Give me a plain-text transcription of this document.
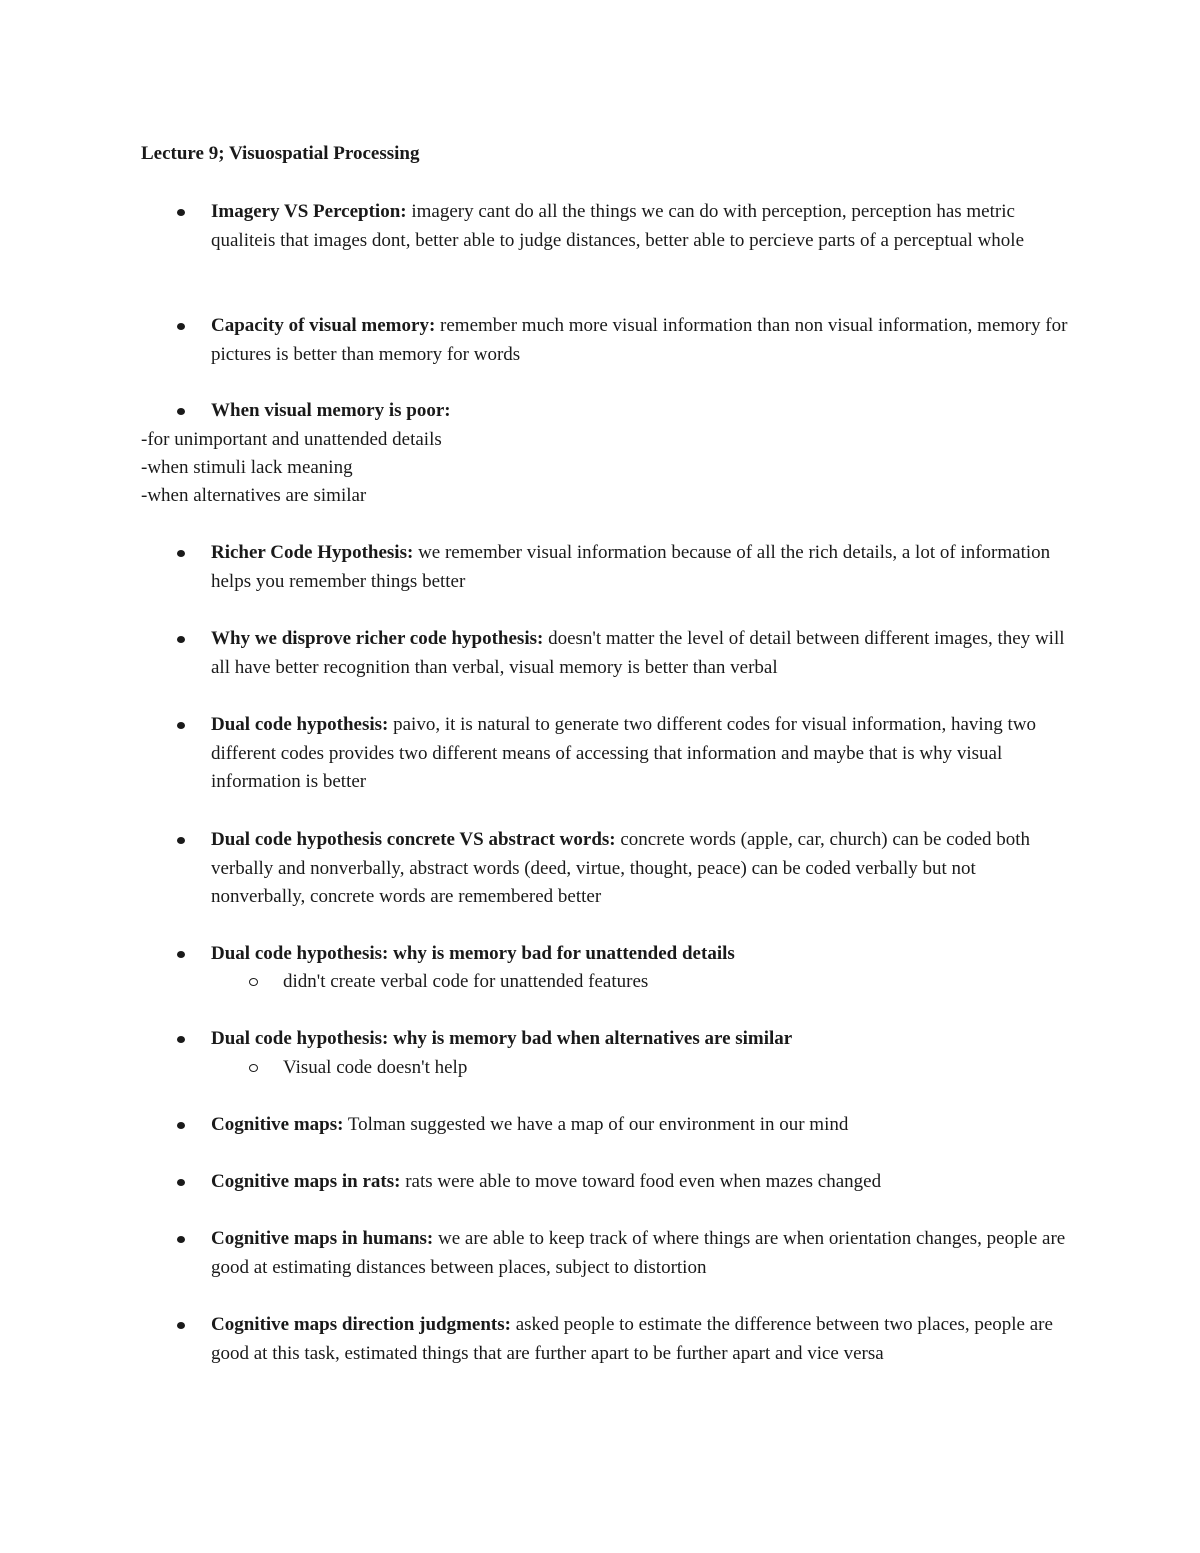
Lecture 9; Visuospatial Processing
Imagery VS Perception: imagery cant do all the things we can do with perception, perception has metric qualiteis that images dont, better able to judge distances, better able to percieve parts of a perceptual whole
Capacity of visual memory: remember much more visual information than non visual information, memory for pictures is better than memory for words
When visual memory is poor:
-for unimportant and unattended details
-when stimuli lack meaning
-when alternatives are similar
Richer Code Hypothesis: we remember visual information because of all the rich details, a lot of information helps you remember things better
Why we disprove richer code hypothesis: doesn't matter the level of detail between different images, they will all have better recognition than verbal, visual memory is better than verbal
Dual code hypothesis: paivo, it is natural to generate two different codes for visual information, having two different codes provides two different means of accessing that information and maybe that is why visual information is better
Dual code hypothesis concrete VS abstract words: concrete words (apple, car, church) can be coded both verbally and nonverbally, abstract words (deed, virtue, thought, peace) can be coded verbally but not nonverbally, concrete words are remembered better
Dual code hypothesis: why is memory bad for unattended details
didn't create verbal code for unattended features
Dual code hypothesis: why is memory bad when alternatives are similar
Visual code doesn't help
Cognitive maps: Tolman suggested we have a map of our environment in our mind
Cognitive maps in rats: rats were able to move toward food even when mazes changed
Cognitive maps in humans: we are able to keep track of where things are when orientation changes, people are good at estimating distances between places, subject to distortion
Cognitive maps direction judgments: asked people to estimate the difference between two places, people are good at this task, estimated things that are further apart to be further apart and vice versa
